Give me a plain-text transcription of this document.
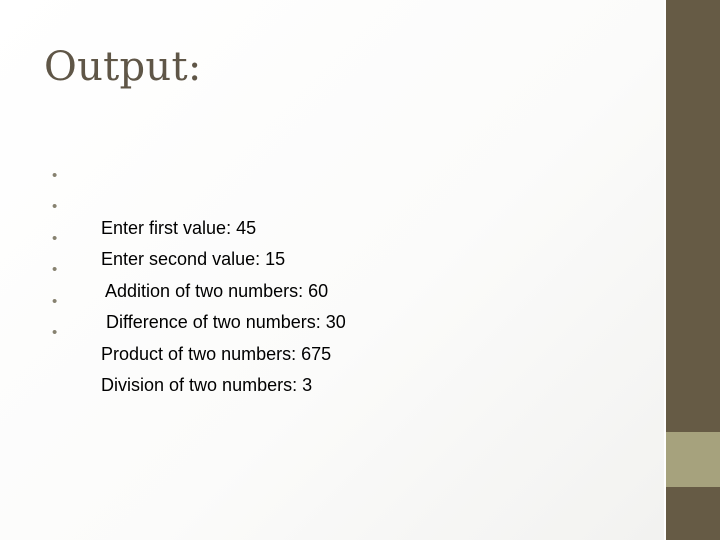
Output:

•

Enter first value: 45

•

Enter second value: 15

•

Addition of two numbers: 60

•

Difference of two numbers: 30

•

Product of two numbers: 675

•

Division of two numbers: 3
